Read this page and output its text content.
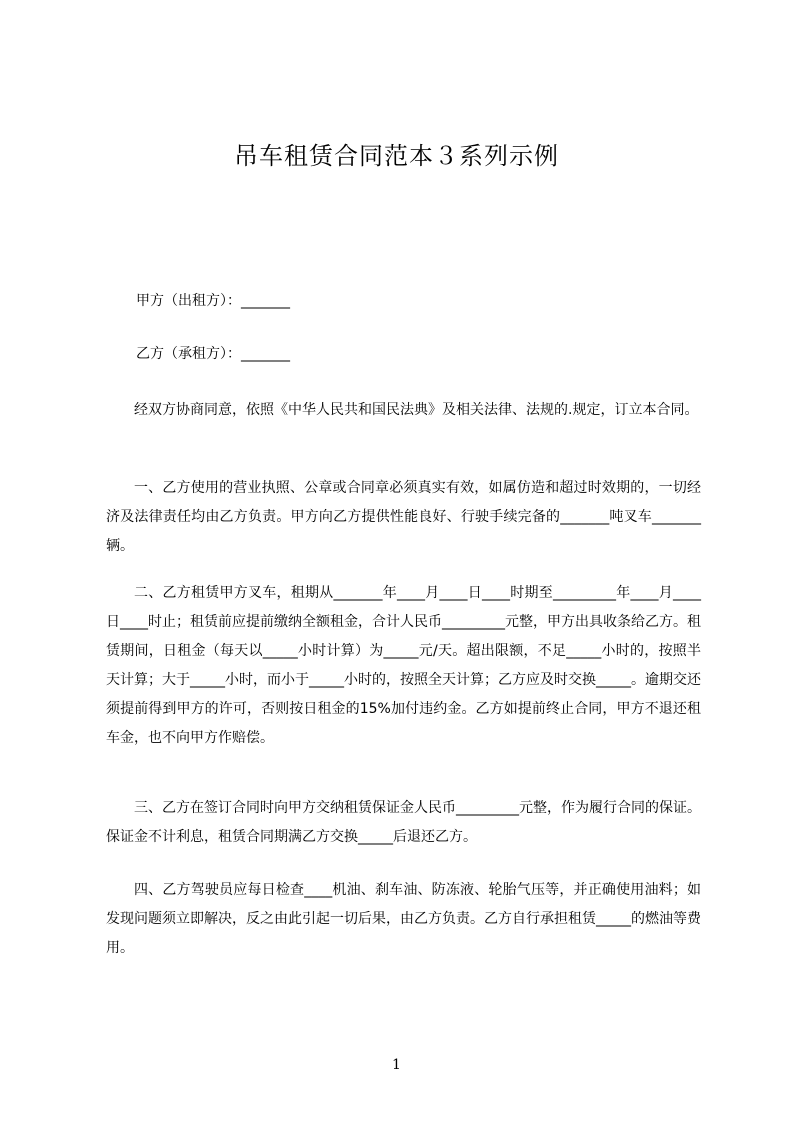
吊车租赁合同范本３系列示例
甲方（出租方）：_______
乙方（承租方）：_______
经双方协商同意，依照《中华人民共和国民法典》及相关法律、法规的.规定，订立本合同。
一、乙方使用的营业执照、公章或合同章必须真实有效，如属仿造和超过时效期的，一切经济及法律责任均由乙方负责。甲方向乙方提供性能良好、行驶手续完备的_______吨叉车_______辆。
二、乙方租赁甲方叉车，租期从_______年____月____日____时期至_________年____月____日____时止；租赁前应提前缴纳全额租金，合计人民币_________元整，甲方出具收条给乙方。租赁期间，日租金（每天以_____小时计算）为_____元/天。超出限额，不足_____小时的，按照半天计算；大于_____小时，而小于_____小时的，按照全天计算；乙方应及时交换_____。逾期交还须提前得到甲方的许可，否则按日租金的15%加付违约金。乙方如提前终止合同，甲方不退还租车金，也不向甲方作赔偿。
三、乙方在签订合同时向甲方交纳租赁保证金人民币_________元整，作为履行合同的保证。保证金不计利息，租赁合同期满乙方交换_____后退还乙方。
四、乙方驾驶员应每日检查____机油、刹车油、防冻液、轮胎气压等，并正确使用油料；如发现问题须立即解决，反之由此引起一切后果，由乙方负责。乙方自行承担租赁_____的燃油等费用。
1
